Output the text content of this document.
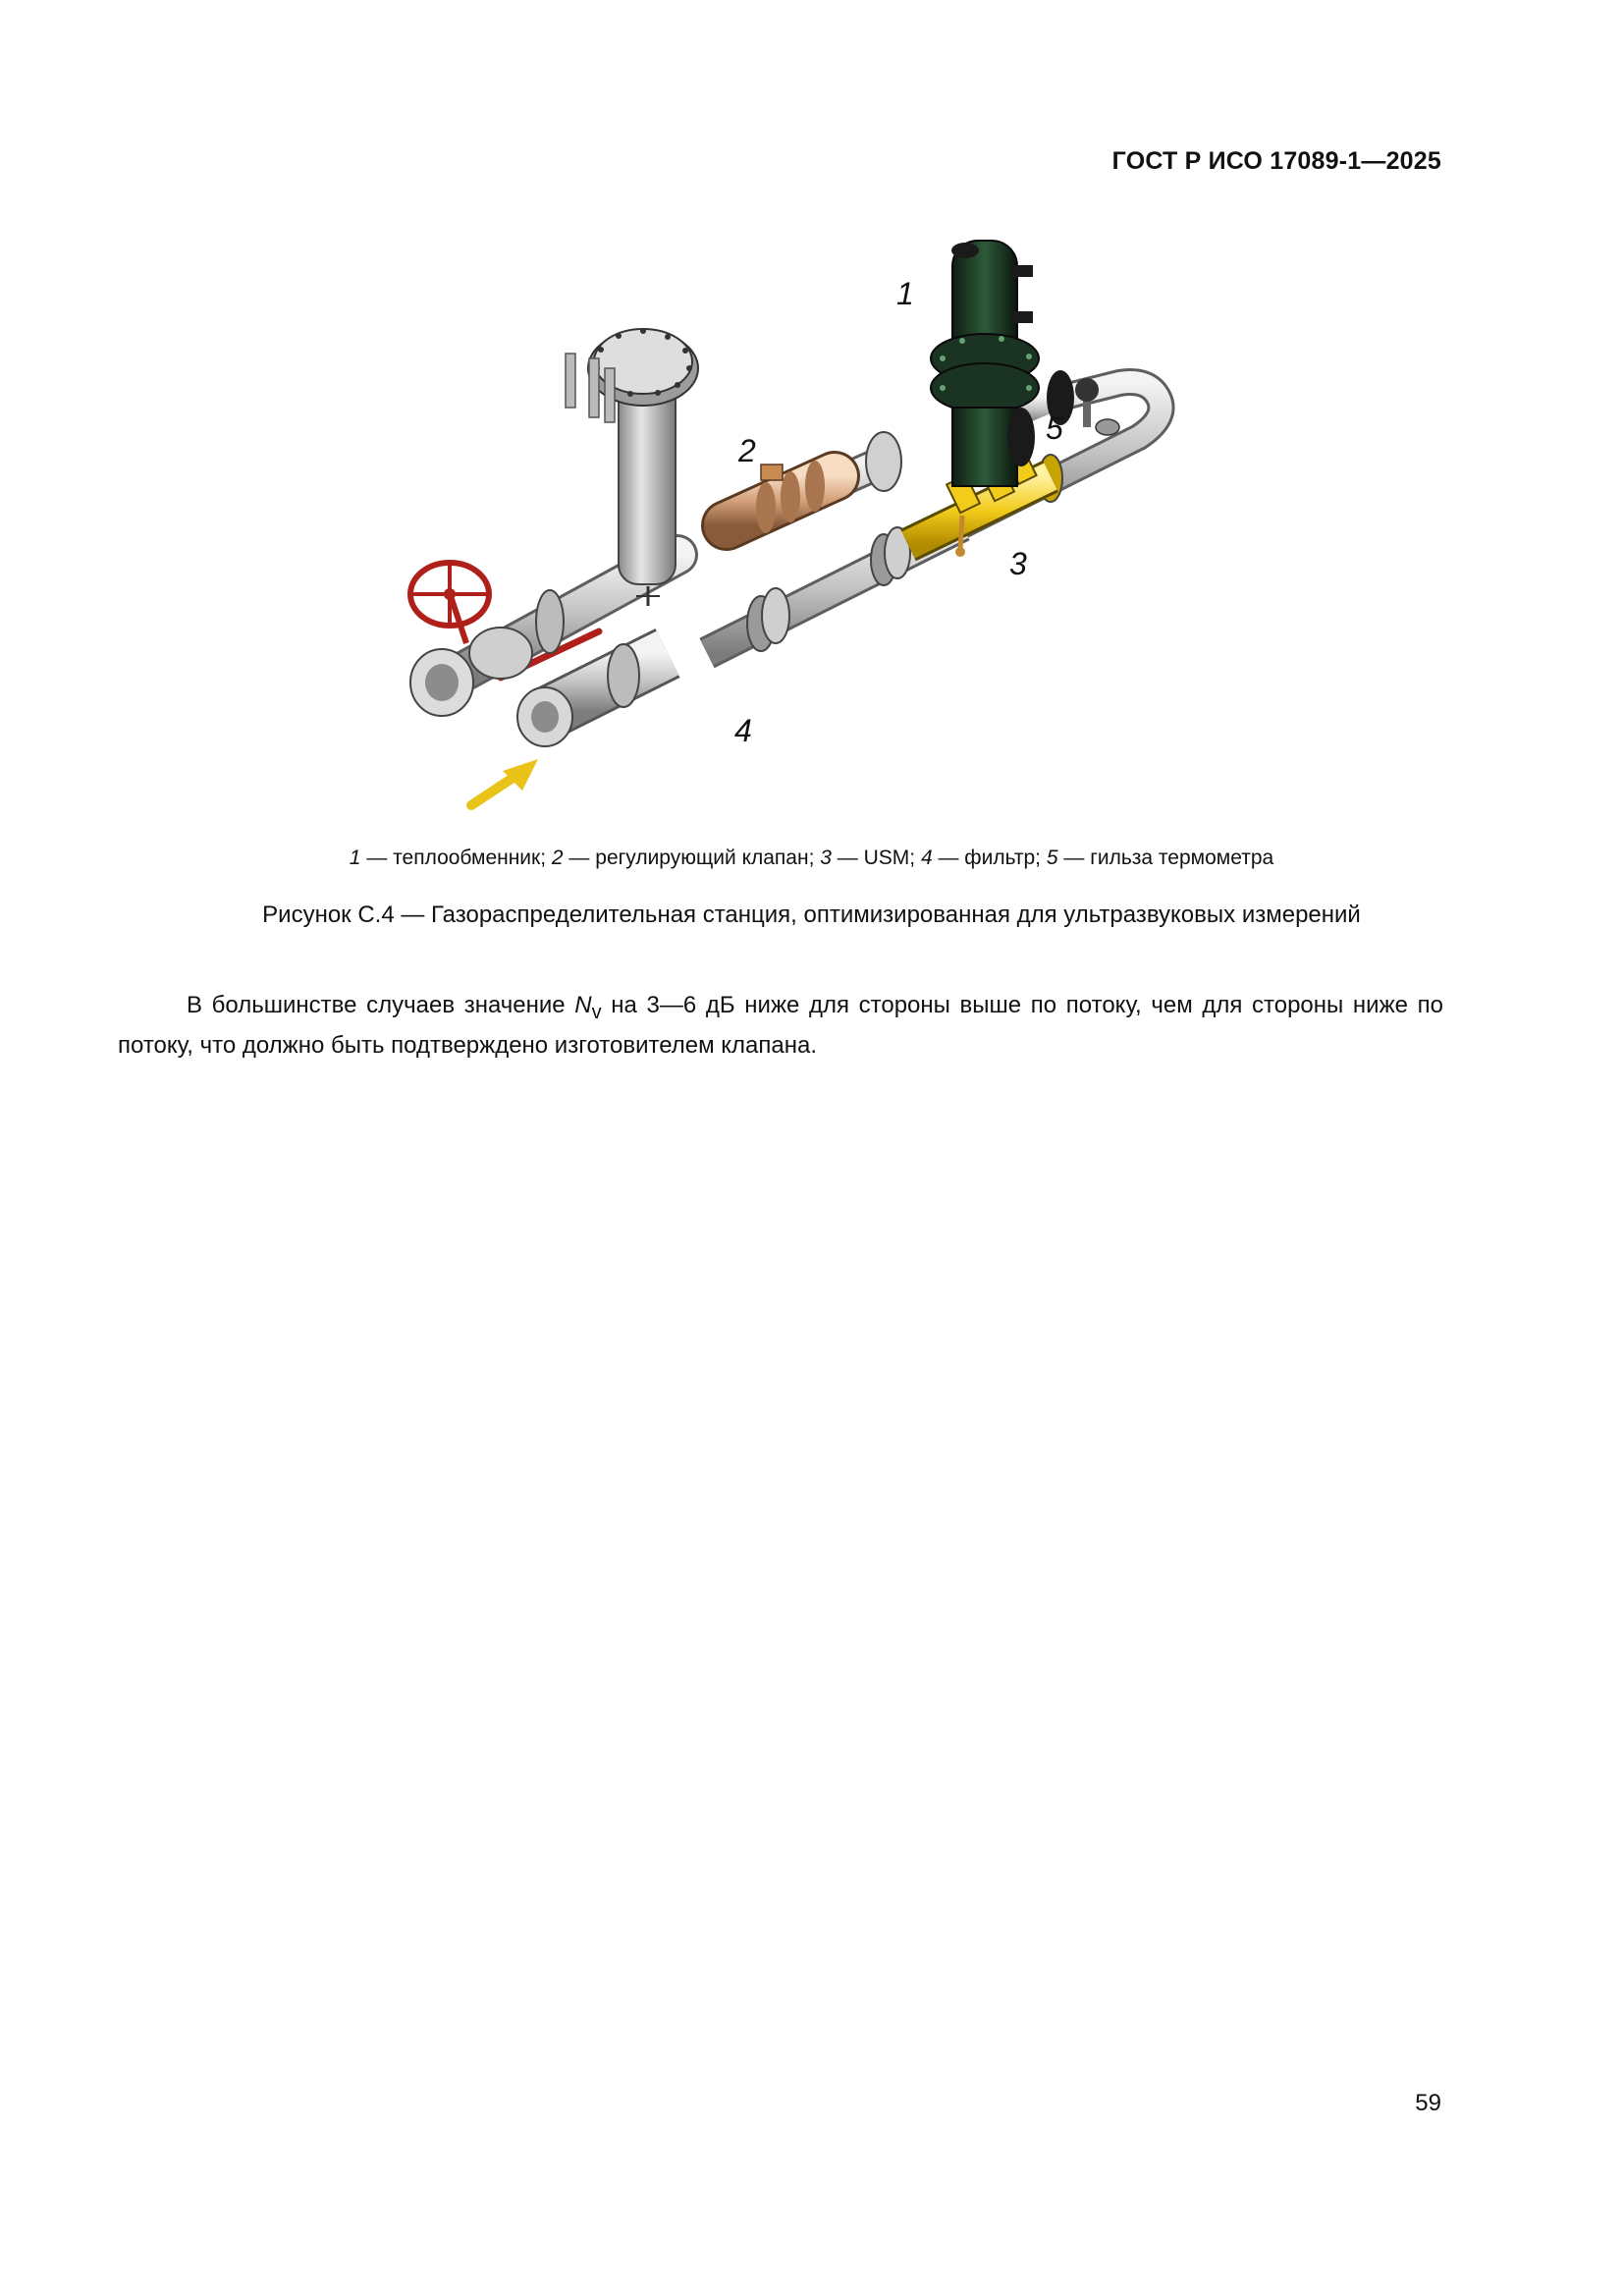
ГОСТ Р ИСО 17089-1—2025
1
2
3
4
5
1 — теплообменник; 2 — регулирующий клапан; 3 — USM; 4 — фильтр; 5 — гильза термометра
Рисунок С.4 — Газораспределительная станция, оптимизированная для ультразвуковых измерений

В большинстве случаев значение $N_v$ на 3—6 дБ ниже для стороны выше по потоку, чем для стороны ниже по потоку, что должно быть подтверждено изготовителем клапана.

59
